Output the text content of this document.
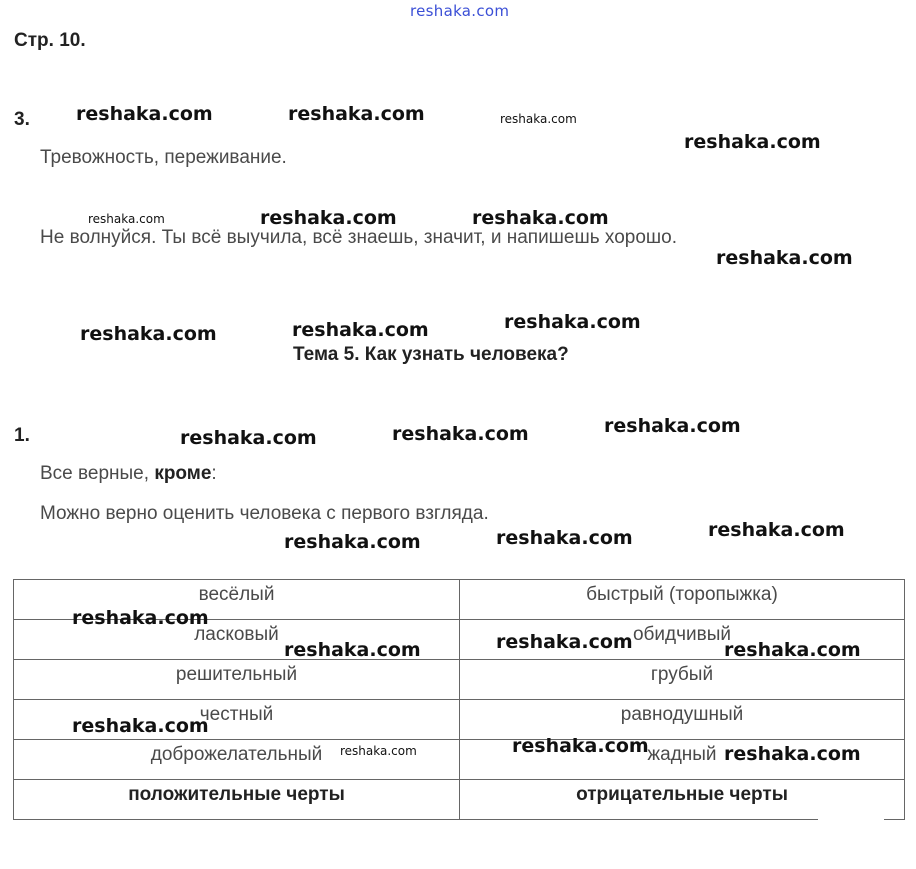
reshaka.com
Стр. 10.
3.
Тревожность, переживание.
Не волнуйся. Ты всё выучила, всё знаешь, значит, и напишешь хорошо.
Тема 5. Как узнать человека?
1.
Все верные, кроме:
Можно верно оценить человека с первого взгляда.
весёлый	быстрый (торопыжка)
ласковый	обидчивый
решительный	грубый
честный	равнодушный
доброжелательный	жадный
положительные черты	отрицательные черты
reshaka.com	reshaka.com	reshaka.com
reshaka.com
reshaka.com	reshaka.com	reshaka.com
reshaka.com
reshaka.com	reshaka.com	reshaka.com
reshaka.com	reshaka.com	reshaka.com
reshaka.com	reshaka.com	reshaka.com
reshaka.com
reshaka.com	reshaka.com	reshaka.com
reshaka.com
reshaka.com	reshaka.com	reshaka.com
